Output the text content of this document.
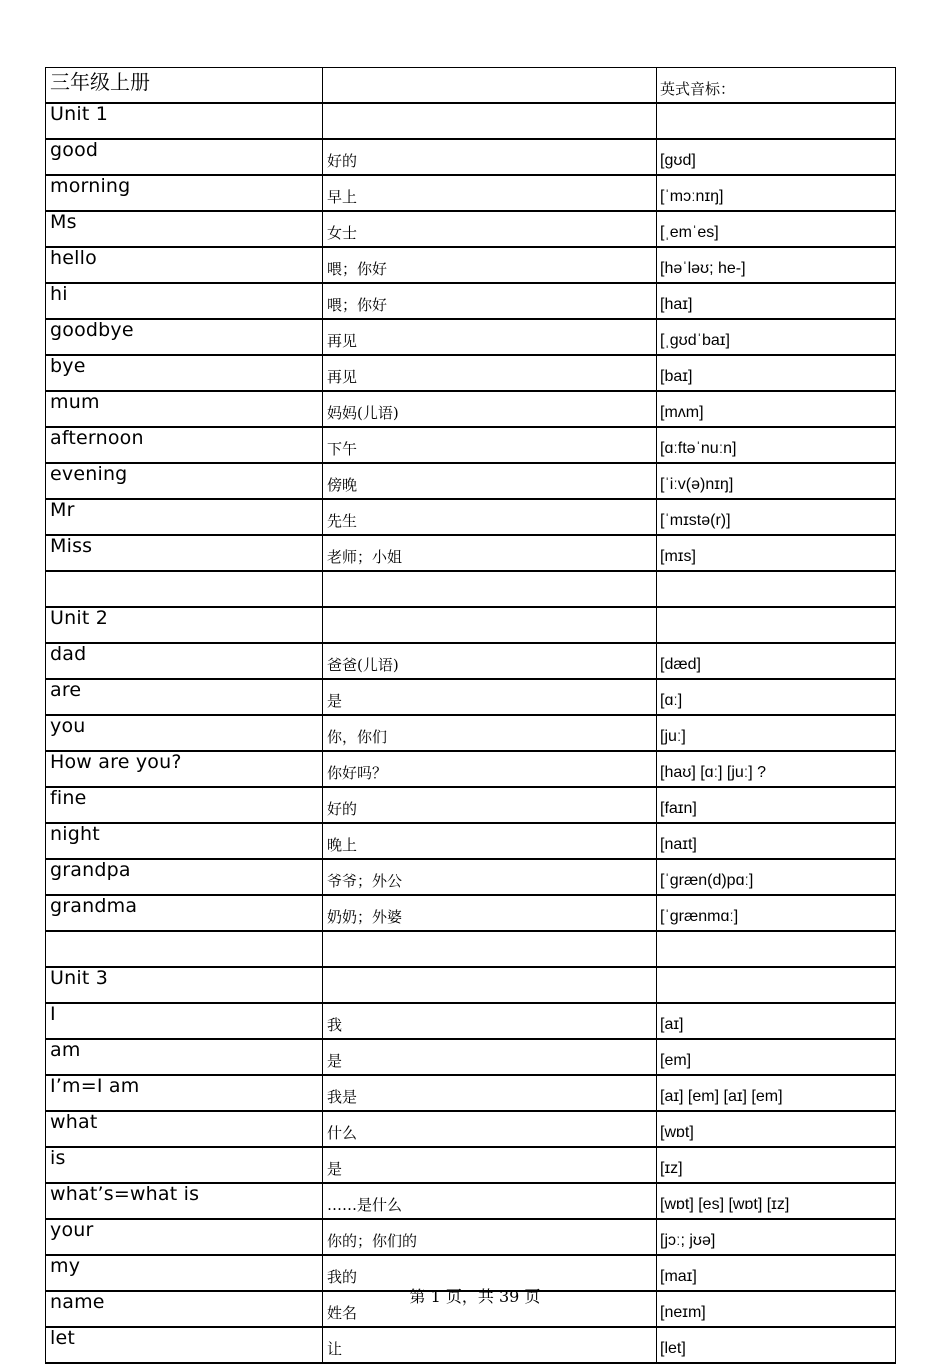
三年级上册		英式音标：
Unit 1		
good	好的	[gʊd]
morning	早上	[ˈmɔːnɪŋ]
Ms	女士	[ˌemˈes]
hello	喂；你好	[həˈləʊ; he-]
hi	喂；你好	[haɪ]
goodbye	再见	[ˌgʊdˈbaɪ]
bye	再见	[baɪ]
mum	妈妈(儿语)	[mʌm]
afternoon	下午	[ɑːftəˈnuːn]
evening	傍晚	[ˈiːv(ə)nɪŋ]
Mr	先生	[ˈmɪstə(r)]
Miss	老师；小姐	[mɪs]

Unit 2		
dad	爸爸(儿语)	[dæd]
are	是	[ɑː]
you	你，你们	[juː]
How are you?	你好吗？	[haʊ] [ɑː] [juː] ?
fine	好的	[faɪn]
night	晚上	[naɪt]
grandpa	爷爷；外公	[ˈgræn(d)pɑː]
grandma	奶奶；外婆	[ˈgrænmɑː]

Unit 3		
I	我	[aɪ]
am	是	[em]
I’m=I am	我是	[aɪ] [em] [aɪ] [em]
what	什么	[wɒt]
is	是	[ɪz]
what’s=what is	……是什么	[wɒt] [es] [wɒt] [ɪz]
your	你的；你们的	[jɔː; jʊə]
my	我的	[maɪ]
name	姓名	[neɪm]
let	让	[let]
第 1 页，共 39 页
